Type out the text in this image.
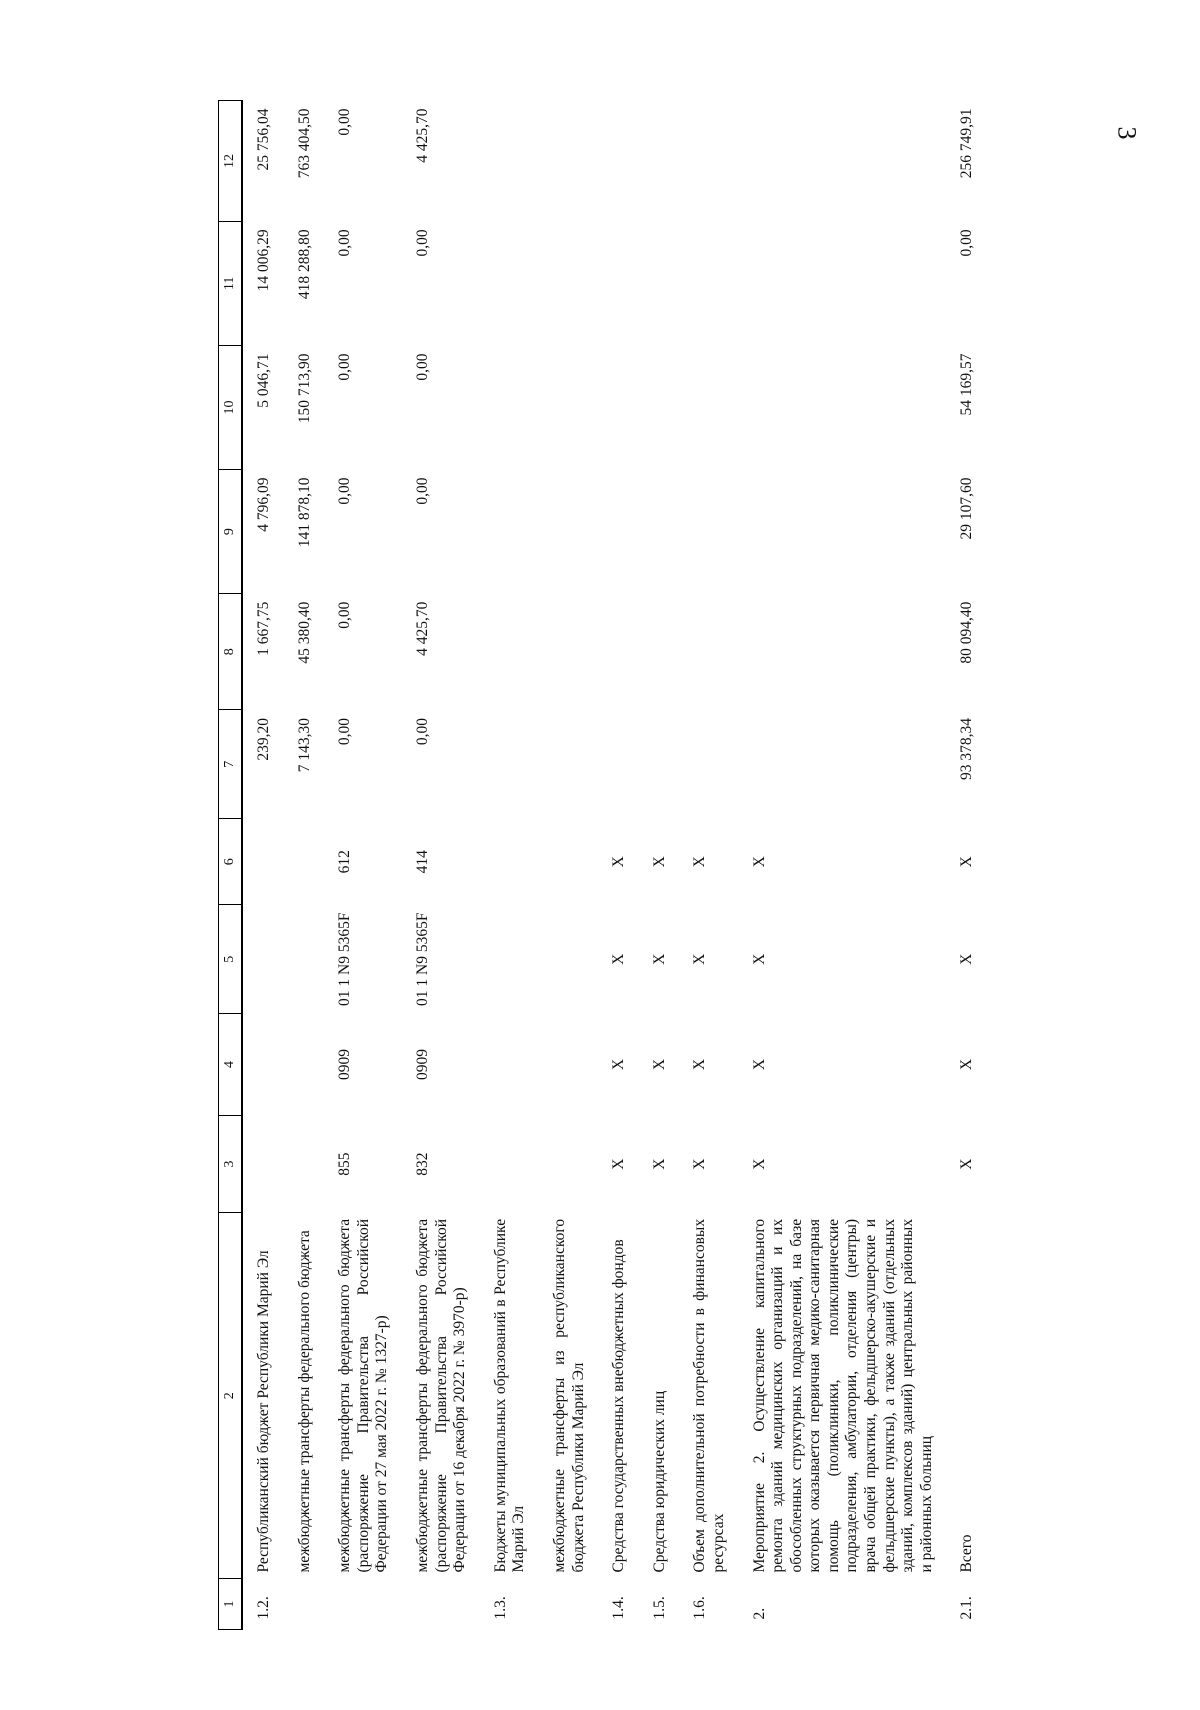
3
1	2	3	4	5	6	7	8	9	10	11	12
1.2.	Республиканский бюджет Республики Марий Эл					239,20	1 667,75	4 796,09	5 046,71	14 006,29	25 756,04
	межбюджетные трансферты федерального бюджета					7 143,30	45 380,40	141 878,10	150 713,90	418 288,80	763 404,50
	межбюджетные трансферты федерального бюджета (распоряжение Правительства Российской Федерации от 27 мая 2022 г. № 1327-р)	855	0909	01 1 N9 5365F	612	0,00	0,00	0,00	0,00	0,00	0,00
	межбюджетные трансферты федерального бюджета (распоряжение Правительства Российской Федерации от 16 декабря 2022 г. № 3970-р)	832	0909	01 1 N9 5365F	414	0,00	4 425,70	0,00	0,00	0,00	4 425,70
1.3.	Бюджеты муниципальных образований в Республике Марий Эл										
	межбюджетные трансферты из республиканского бюджета Республики Марий Эл										
1.4.	Средства государственных внебюджетных фондов	X	X	X	X						
1.5.	Средства юридических лиц	X	X	X	X						
1.6.	Объем дополнительной потребности в финансовых ресурсах	X	X	X	X						
2.	Мероприятие 2. Осуществление капитального ремонта зданий медицинских организаций и их обособленных структурных подразделений, на базе которых оказывается первичная медико-санитарная помощь (поликлиники, поликлинические подразделения, амбулатории, отделения (центры) врача общей практики, фельдшерско-акушерские и фельдшерские пункты), а также зданий (отдельных зданий, комплексов зданий) центральных районных и районных больниц	X	X	X	X						
2.1.	Всего	X	X	X	X	93 378,34	80 094,40	29 107,60	54 169,57	0,00	256 749,91
